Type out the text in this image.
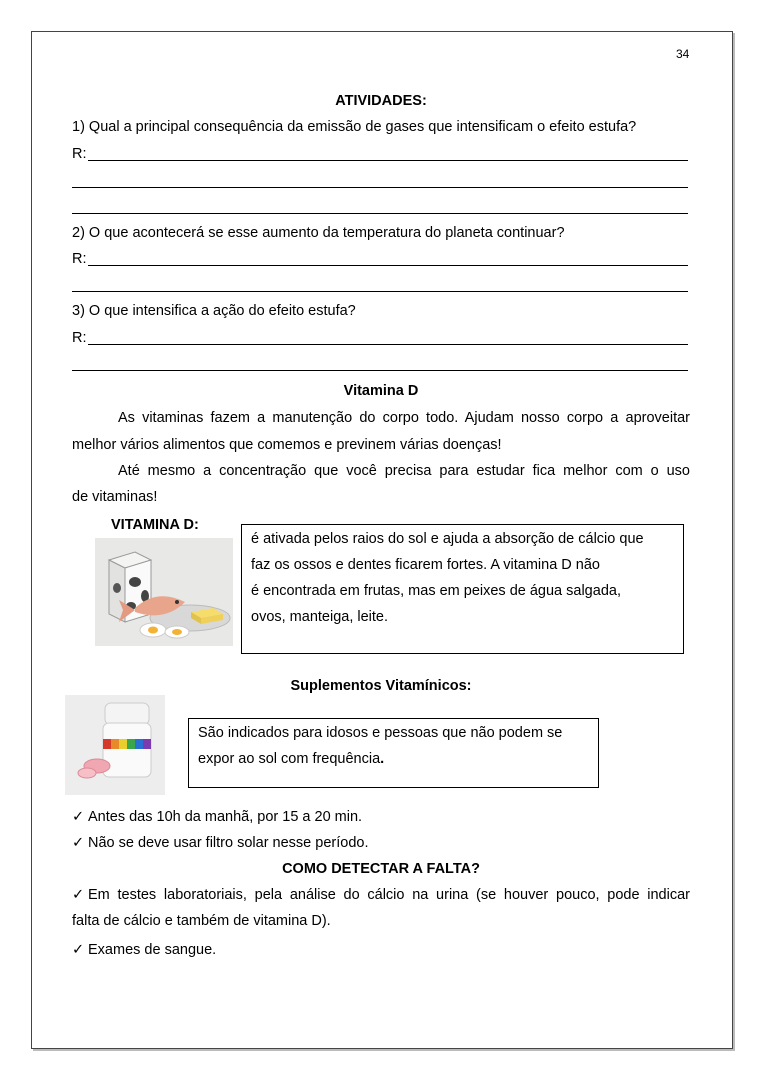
34
ATIVIDADES:
1) Qual a principal consequência da emissão de gases que intensificam o efeito estufa?
R:
2) O que acontecerá se esse aumento da temperatura do planeta continuar?
R:
3) O que intensifica a ação do efeito estufa?
R:
Vitamina D
As vitaminas fazem a manutenção do corpo todo. Ajudam nosso corpo a aproveitar
melhor vários alimentos que comemos e previnem várias doenças!
Até mesmo a concentração que você precisa para estudar fica melhor com o uso
de vitaminas!
VITAMINA D:
é ativada pelos raios do sol e ajuda a absorção de cálcio que
faz os ossos e dentes ficarem fortes. A vitamina D não
é encontrada em frutas, mas em peixes de água salgada,
ovos, manteiga, leite.
Suplementos Vitamínicos:
São indicados para idosos e pessoas que não podem se
expor ao sol com frequência.
✓ Antes das 10h da manhã, por 15 a 20 min.
✓ Não se deve usar filtro solar nesse período.
COMO DETECTAR A FALTA?
✓ Em testes laboratoriais, pela análise do cálcio na urina (se houver pouco, pode indicar
falta de cálcio e também de vitamina D).
✓ Exames de sangue.
